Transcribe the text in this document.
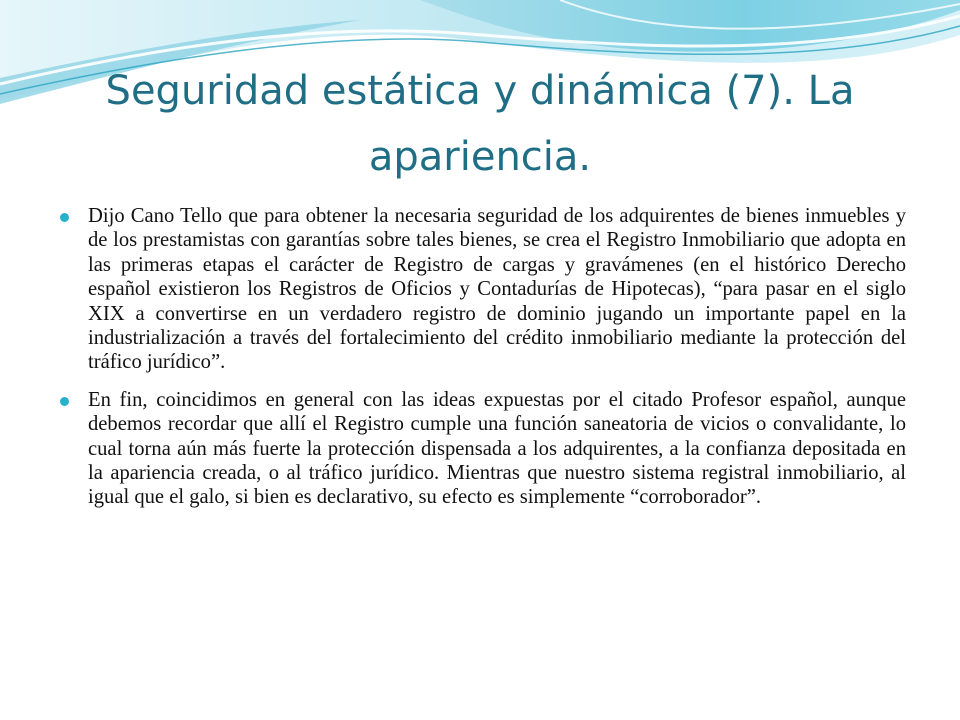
Seguridad estática y dinámica (7). La apariencia.
Dijo Cano Tello que para obtener la necesaria seguridad de los adquirentes de bienes inmuebles y de los prestamistas con garantías sobre tales bienes, se crea el Registro Inmobiliario que adopta en las primeras etapas el carácter de Registro de cargas y gravámenes (en el histórico Derecho español existieron los Registros de Oficios y Contadurías de Hipotecas), “para pasar en el siglo XIX a convertirse en un verdadero registro de dominio jugando un importante papel en la industrialización a través del fortalecimiento del crédito inmobiliario mediante la protección del tráfico jurídico”.
En fin, coincidimos en general con las ideas expuestas por el citado Profesor español, aunque debemos recordar que allí el Registro cumple una función saneatoria de vicios o convalidante, lo cual torna aún más fuerte la protección dispensada a los adquirentes, a la confianza depositada en la apariencia creada, o al tráfico jurídico. Mientras que nuestro sistema registral inmobiliario, al igual que el galo, si bien es declarativo, su efecto es simplemente “corroborador”.
